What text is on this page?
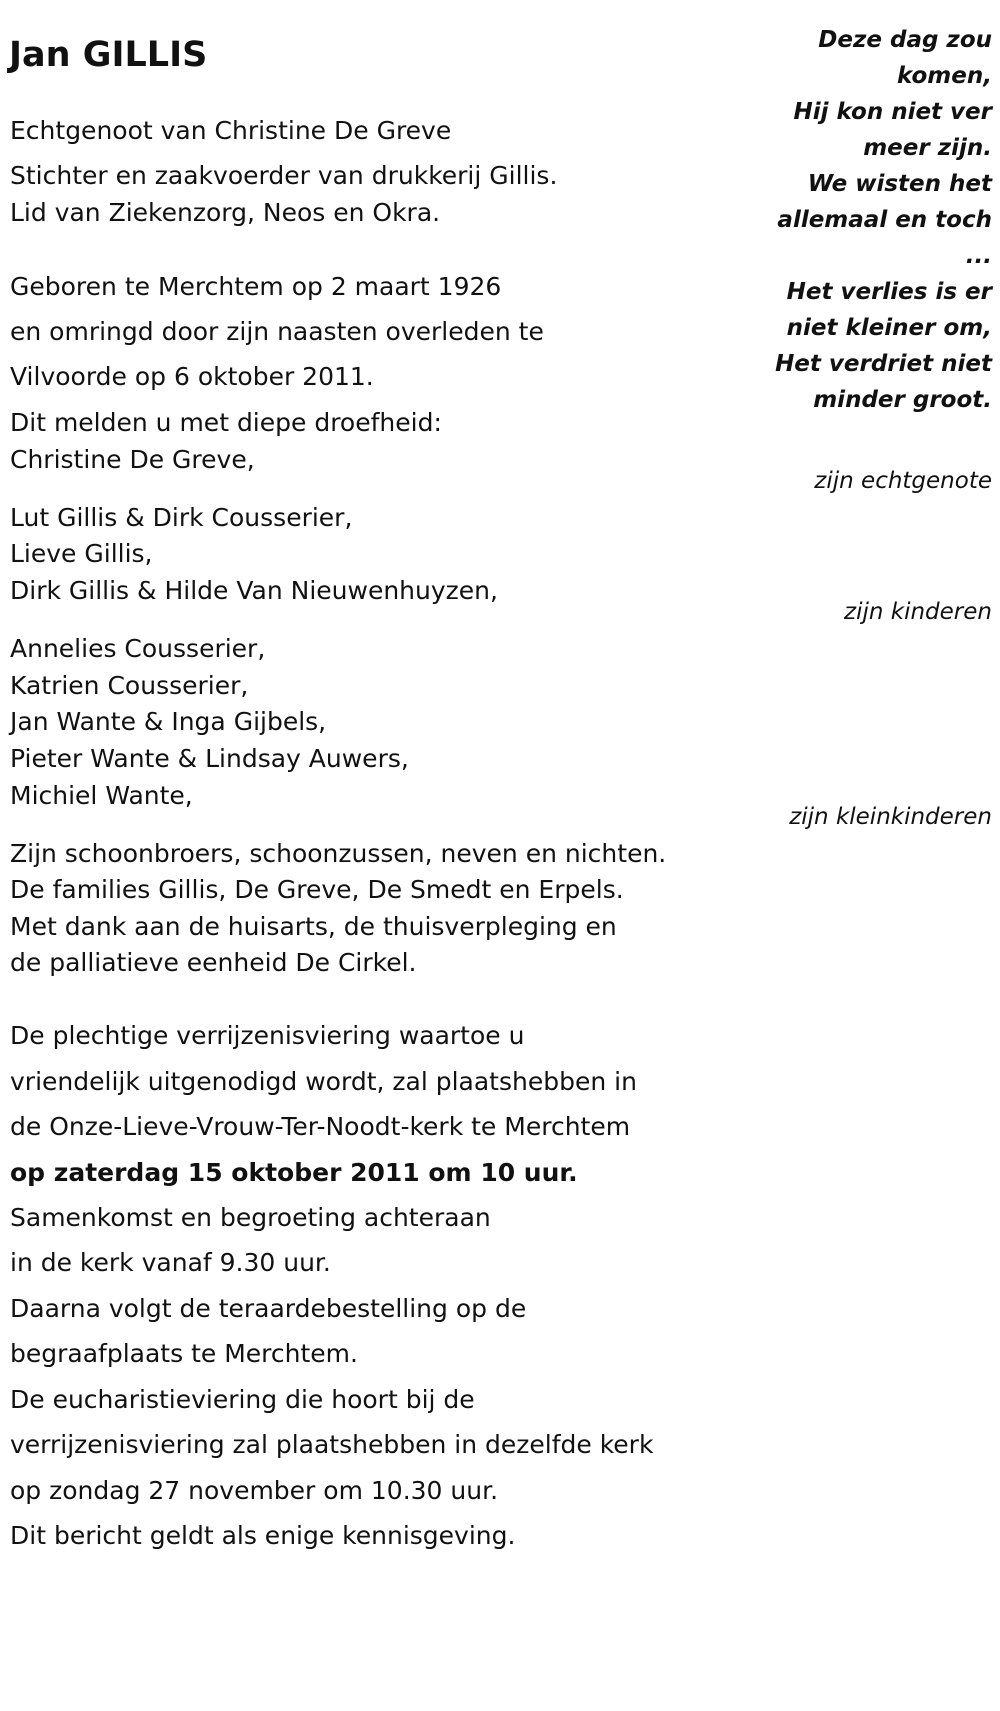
Jan GILLIS
Echtgenoot van Christine De Greve
Stichter en zaakvoerder van drukkerij Gillis.
Lid van Ziekenzorg, Neos en Okra.
Geboren te Merchtem op 2 maart 1926
en omringd door zijn naasten overleden te
Vilvoorde op 6 oktober 2011.
Dit melden u met diepe droefheid:
Christine De Greve,
Lut Gillis & Dirk Cousserier,
Lieve Gillis,
Dirk Gillis & Hilde Van Nieuwenhuyzen,
Annelies Cousserier,
Katrien Cousserier,
Jan Wante & Inga Gijbels,
Pieter Wante & Lindsay Auwers,
Michiel Wante,
Zijn schoonbroers, schoonzussen, neven en nichten.
De families Gillis, De Greve, De Smedt en Erpels.
Met dank aan de huisarts, de thuisverpleging en
de palliatieve eenheid De Cirkel.
De plechtige verrijzenisviering waartoe u
vriendelijk uitgenodigd wordt, zal plaatshebben in
de Onze-Lieve-Vrouw-Ter-Noodt-kerk te Merchtem
op zaterdag 15 oktober 2011 om 10 uur.
Samenkomst en begroeting achteraan
in de kerk vanaf 9.30 uur.
Daarna volgt de teraardebestelling op de
begraafplaats te Merchtem.
De eucharistieviering die hoort bij de
verrijzenisviering zal plaatshebben in dezelfde kerk
op zondag 27 november om 10.30 uur.
Dit bericht geldt als enige kennisgeving.
Deze dag zou
komen,
Hij kon niet ver
meer zijn.
We wisten het
allemaal en toch
...
Het verlies is er
niet kleiner om,
Het verdriet niet
minder groot.
zijn echtgenote
zijn kinderen
zijn kleinkinderen
